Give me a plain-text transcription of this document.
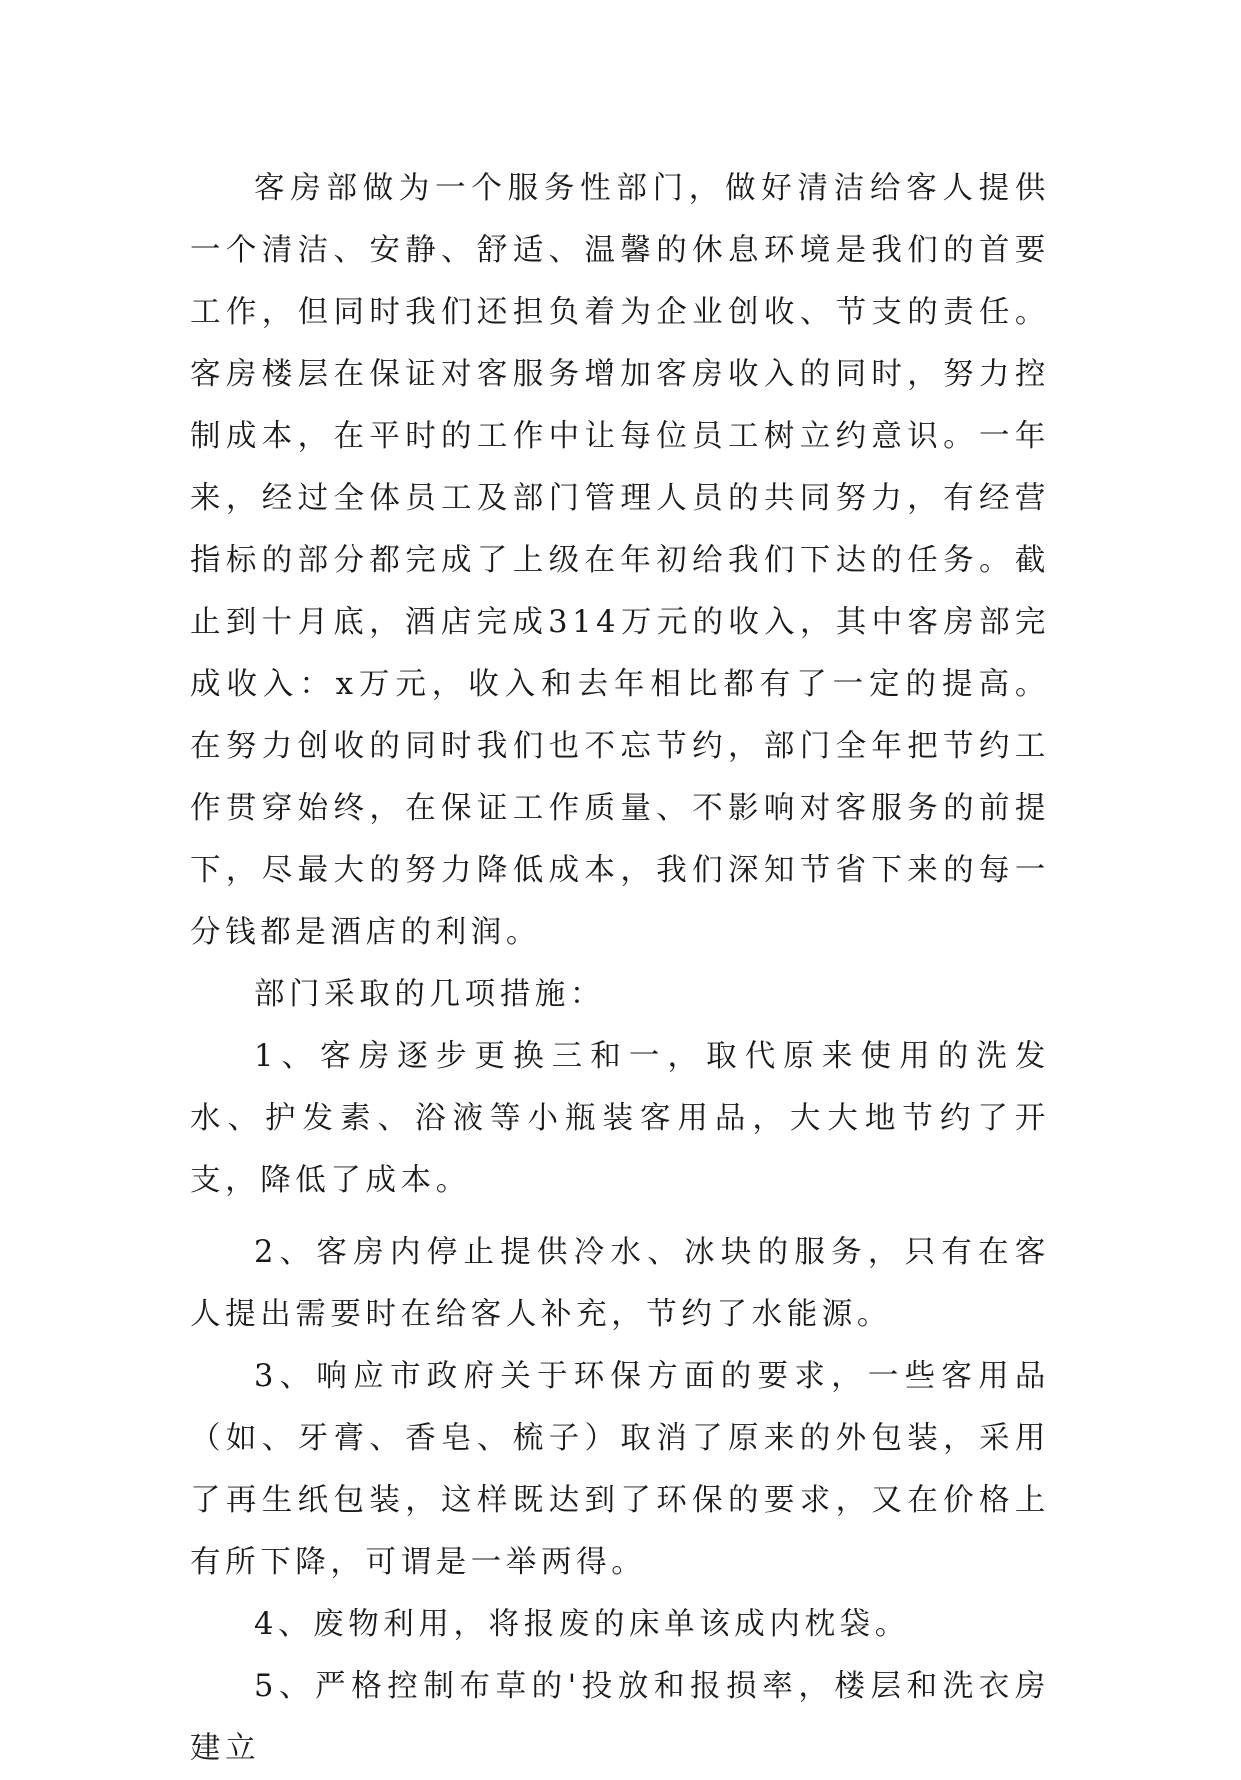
客房部做为一个服务性部门，做好清洁给客人提供一个清洁、安静、舒适、温馨的休息环境是我们的首要工作，但同时我们还担负着为企业创收、节支的责任。客房楼层在保证对客服务增加客房收入的同时，努力控制成本，在平时的工作中让每位员工树立约意识。一年来，经过全体员工及部门管理人员的共同努力，有经营指标的部分都完成了上级在年初给我们下达的任务。截止到十月底，酒店完成314万元的收入，其中客房部完成收入：x万元，收入和去年相比都有了一定的提高。在努力创收的同时我们也不忘节约，部门全年把节约工作贯穿始终，在保证工作质量、不影响对客服务的前提下，尽最大的努力降低成本，我们深知节省下来的每一分钱都是酒店的利润。

部门采取的几项措施：

1、客房逐步更换三和一，取代原来使用的洗发水、护发素、浴液等小瓶装客用品，大大地节约了开支，降低了成本。

2、客房内停止提供冷水、冰块的服务，只有在客人提出需要时在给客人补充，节约了水能源。

3、响应市政府关于环保方面的要求，一些客用品（如、牙膏、香皂、梳子）取消了原来的外包装，采用了再生纸包装，这样既达到了环保的要求，又在价格上有所下降，可谓是一举两得。

4、废物利用，将报废的床单该成内枕袋。

5、严格控制布草的'投放和报损率，楼层和洗衣房建立
